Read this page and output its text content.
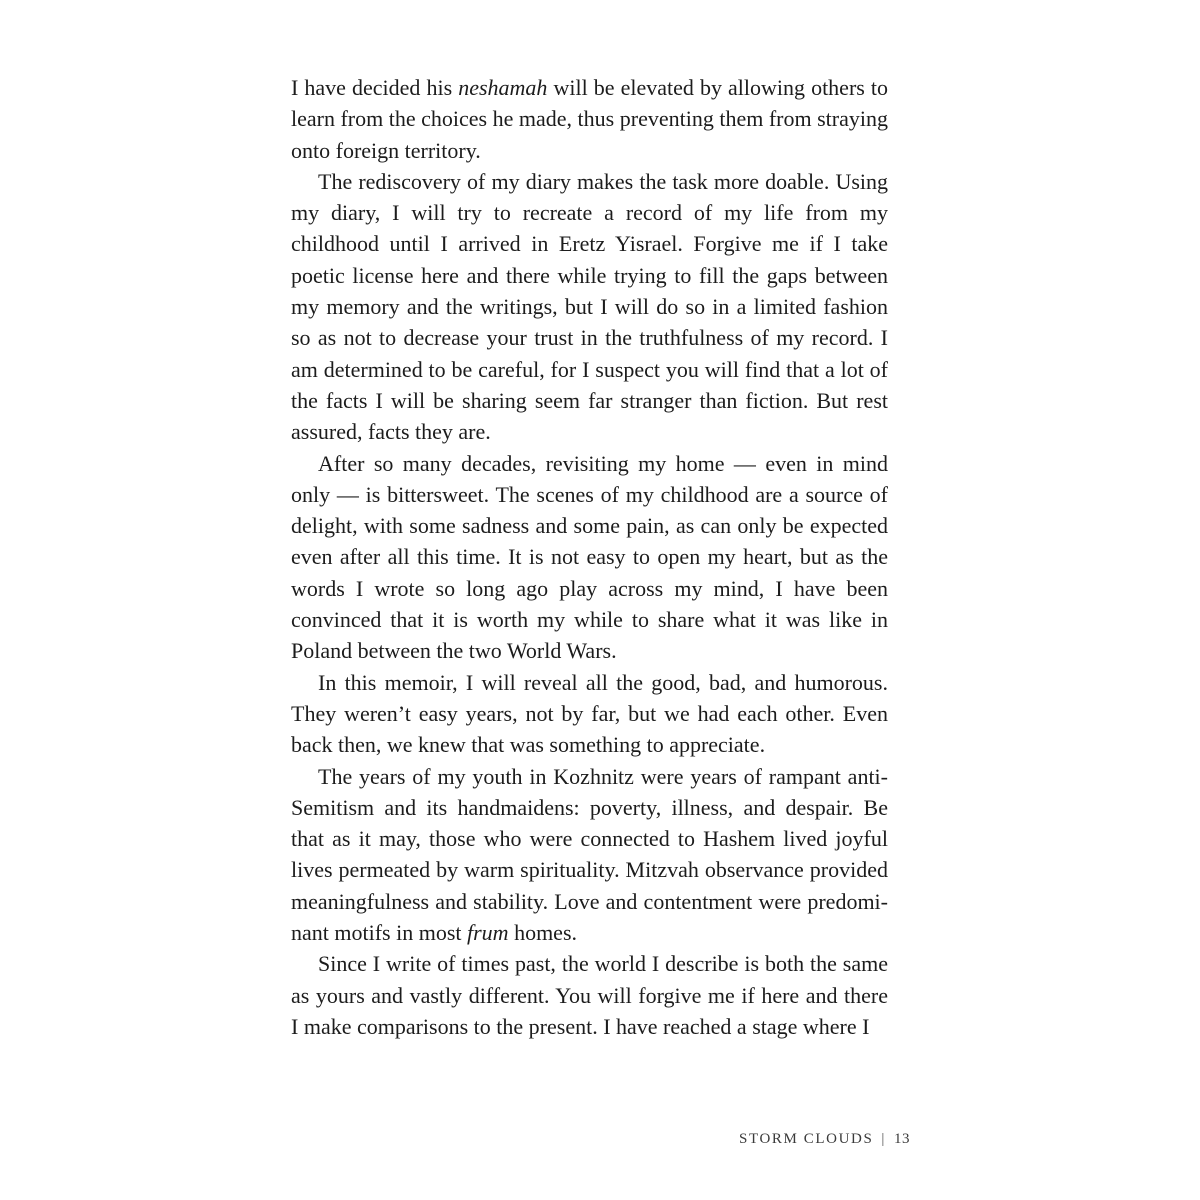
I have decided his neshamah will be elevated by allowing others to learn from the choices he made, thus preventing them from straying onto foreign territory.

The rediscovery of my diary makes the task more doable. Using my diary, I will try to recreate a record of my life from my childhood until I arrived in Eretz Yisrael. Forgive me if I take poetic license here and there while trying to fill the gaps between my memory and the writings, but I will do so in a limited fashion so as not to decrease your trust in the truthfulness of my record. I am determined to be careful, for I suspect you will find that a lot of the facts I will be sharing seem far stranger than fiction. But rest assured, facts they are.

After so many decades, revisiting my home — even in mind only — is bittersweet. The scenes of my childhood are a source of delight, with some sadness and some pain, as can only be expected even after all this time. It is not easy to open my heart, but as the words I wrote so long ago play across my mind, I have been convinced that it is worth my while to share what it was like in Poland between the two World Wars.

In this memoir, I will reveal all the good, bad, and humorous. They weren’t easy years, not by far, but we had each other. Even back then, we knew that was something to appreciate.

The years of my youth in Kozhnitz were years of rampant anti-Semitism and its handmaidens: poverty, illness, and despair. Be that as it may, those who were connected to Hashem lived joyful lives permeated by warm spirituality. Mitzvah observance provided meaningfulness and stability. Love and contentment were predominant motifs in most frum homes.

Since I write of times past, the world I describe is both the same as yours and vastly different. You will forgive me if here and there I make comparisons to the present. I have reached a stage where I

STORM CLOUDS | 13
